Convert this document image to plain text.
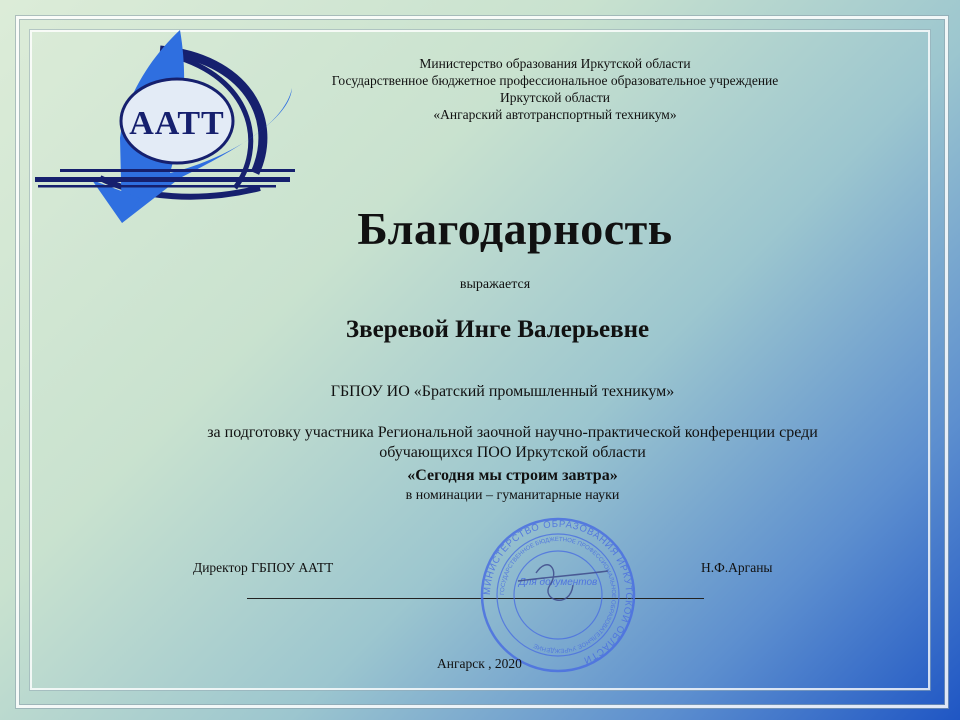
ААТТ
Министерство образования Иркутской области
Государственное бюджетное профессиональное образовательное учреждение
Иркутской области
«Ангарский автотранспортный техникум»
Благодарность
выражается
Зверевой Инге Валерьевне
ГБПОУ ИО «Братский промышленный техникум»
за подготовку участника Региональной заочной научно-практической конференции среди
обучающихся ПОО Иркутской области
«Сегодня мы строим завтра»
в номинации – гуманитарные науки
Директор ГБПОУ ААТТ	Н.Ф.Арганы
МИНИСТЕРСТВО ОБРАЗОВАНИЯ ИРКУТСКОЙ ОБЛАСТИ
ГОСУДАРСТВЕННОЕ БЮДЖЕТНОЕ ПРОФЕССИОНАЛЬНОЕ ОБРАЗОВАТЕЛЬНОЕ УЧРЕЖДЕНИЕ
Для документов
Ангарск , 2020
